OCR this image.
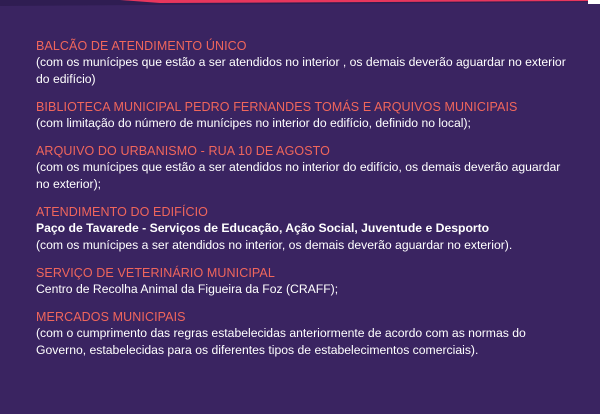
BALCÃO DE ATENDIMENTO ÚNICO
(com os munícipes que estão a ser atendidos no interior , os demais deverão aguardar no exterior do edifício)
BIBLIOTECA MUNICIPAL PEDRO FERNANDES TOMÁS E ARQUIVOS MUNICIPAIS
(com limitação do número de munícipes no interior do edifício, definido no local);
ARQUIVO DO URBANISMO - RUA 10 DE AGOSTO
(com os munícipes que estão a ser atendidos no interior do edifício, os demais deverão aguardar no exterior);
ATENDIMENTO DO EDIFÍCIO
Paço de Tavarede - Serviços de Educação, Ação Social, Juventude e Desporto
(com os munícipes a ser atendidos no interior, os demais deverão aguardar no exterior).
SERVIÇO DE VETERINÁRIO MUNICIPAL
Centro de Recolha Animal da Figueira da Foz (CRAFF);
MERCADOS MUNICIPAIS
(com o cumprimento das regras estabelecidas anteriormente de acordo com as normas do Governo, estabelecidas para os diferentes tipos de estabelecimentos comerciais).
